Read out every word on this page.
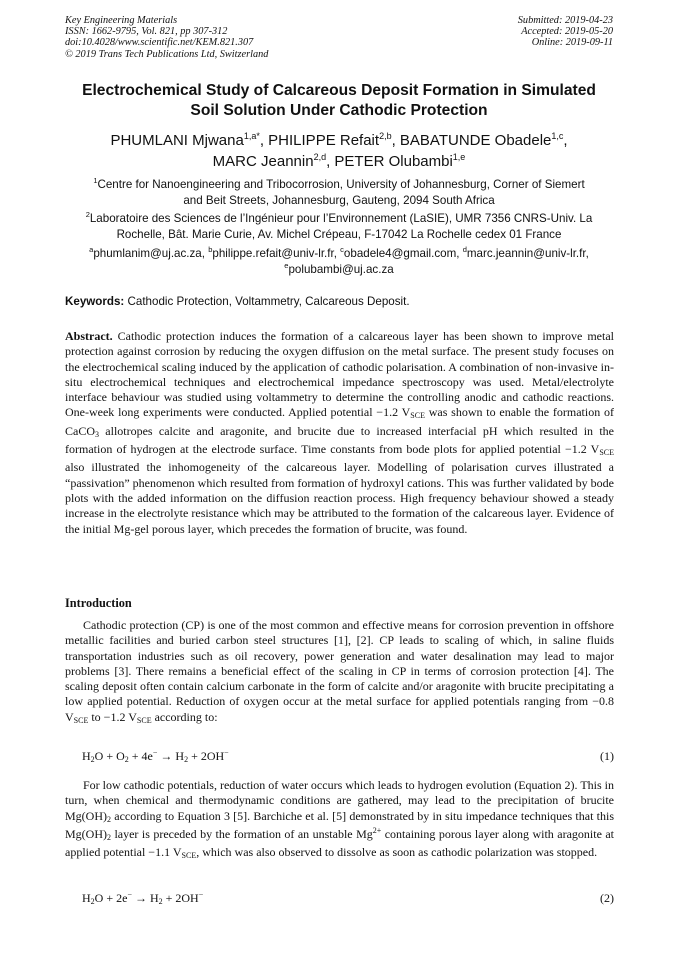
Key Engineering Materials
ISSN: 1662-9795, Vol. 821, pp 307-312
doi:10.4028/www.scientific.net/KEM.821.307
© 2019 Trans Tech Publications Ltd, Switzerland
Submitted: 2019-04-23
Accepted: 2019-05-20
Online: 2019-09-11
Electrochemical Study of Calcareous Deposit Formation in Simulated
Soil Solution Under Cathodic Protection
PHUMLANI Mjwana$^{1,a*}$, PHILIPPE Refait$^{2,b}$, BABATUNDE Obadele$^{1,c}$,
MARC Jeannin$^{2,d}$, PETER Olubambi$^{1,e}$
$^1$Centre for Nanoengineering and Tribocorrosion, University of Johannesburg, Corner of Siemert
and Beit Streets, Johannesburg, Gauteng, 2094 South Africa
$^2$Laboratoire des Sciences de l’Ingénieur pour l’Environnement (LaSIE), UMR 7356 CNRS-Univ. La
Rochelle, Bât. Marie Curie, Av. Michel Crépeau, F-17042 La Rochelle cedex 01 France
$^a$phumlanim@uj.ac.za, $^b$philippe.refait@univ-lr.fr, $^c$obadele4@gmail.com, $^d$marc.jeannin@univ-lr.fr,
$^e$polubambi@uj.ac.za
Keywords: Cathodic Protection, Voltammetry, Calcareous Deposit.
Abstract. Cathodic protection induces the formation of a calcareous layer has been shown to improve metal protection against corrosion by reducing the oxygen diffusion on the metal surface. The present study focuses on the electrochemical scaling induced by the application of cathodic polarisation. A combination of non-invasive in-situ electrochemical techniques and electrochemical impedance spectroscopy was used. Metal/electrolyte interface behaviour was studied using voltammetry to determine the controlling anodic and cathodic reactions. One-week long experiments were conducted. Applied potential −1.2 $V_{SCE}$ was shown to enable the formation of CaCO$_3$ allotropes calcite and aragonite, and brucite due to increased interfacial pH which resulted in the formation of hydrogen at the electrode surface. Time constants from bode plots for applied potential −1.2 $V_{SCE}$ also illustrated the inhomogeneity of the calcareous layer. Modelling of polarisation curves illustrated a “passivation” phenomenon which resulted from formation of hydroxyl cations. This was further validated by bode plots with the added information on the diffusion reaction process. High frequency behaviour showed a steady increase in the electrolyte resistance which may be attributed to the formation of the calcareous layer. Evidence of the initial Mg-gel porous layer, which precedes the formation of brucite, was found.
Introduction
Cathodic protection (CP) is one of the most common and effective means for corrosion prevention in offshore metallic facilities and buried carbon steel structures [1], [2]. CP leads to scaling of which, in saline fluids transportation industries such as oil recovery, power generation and water desalination may lead to major problems [3]. There remains a beneficial effect of the scaling in CP in terms of corrosion protection [4]. The scaling deposit often contain calcium carbonate in the form of calcite and/or aragonite with brucite precipitating a low applied potential. Reduction of oxygen occur at the metal surface for applied potentials ranging from −0.8 $V_{SCE}$ to −1.2 $V_{SCE}$ according to:
$H_2O + O_2 + 4e^- \to H_2 + 2OH^-$	(1)
For low cathodic potentials, reduction of water occurs which leads to hydrogen evolution (Equation 2). This in turn, when chemical and thermodynamic conditions are gathered, may lead to the precipitation of brucite $Mg(OH)_2$ according to Equation 3 [5]. Barchiche et al. [5] demonstrated by in situ impedance techniques that this $Mg(OH)_2$ layer is preceded by the formation of an unstable $Mg^{2+}$ containing porous layer along with aragonite at applied potential −1.1 $V_{SCE}$, which was also observed to dissolve as soon as cathodic polarization was stopped.
$H_2O + 2e^- \to H_2 + 2OH^-$	(2)
